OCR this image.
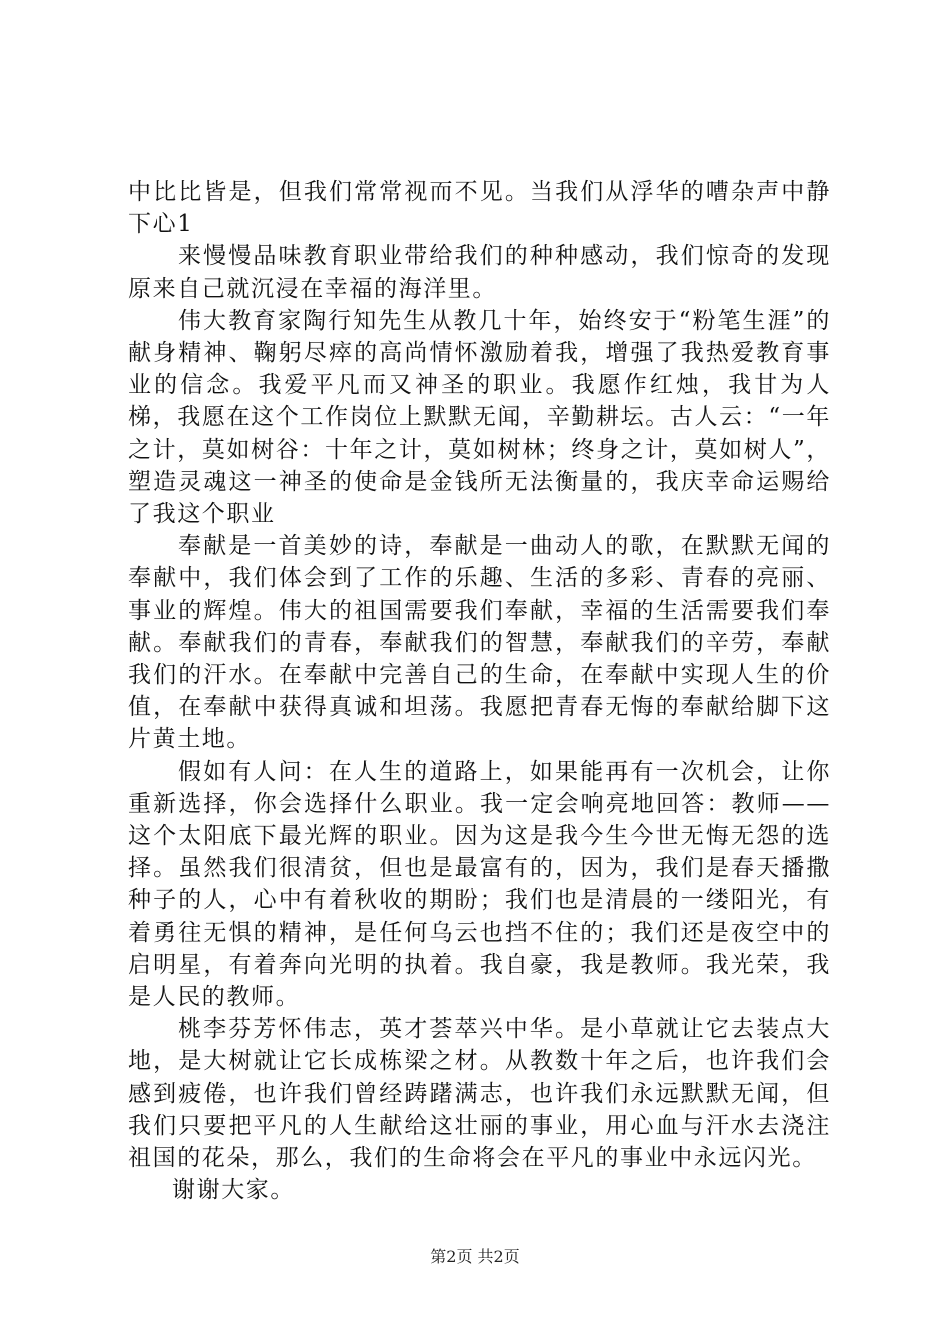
中比比皆是，但我们常常视而不见。当我们从浮华的嘈杂声中静下心1

来慢慢品味教育职业带给我们的种种感动，我们惊奇的发现原来自己就沉浸在幸福的海洋里。

伟大教育家陶行知先生从教几十年，始终安于“粉笔生涯”的献身精神、鞠躬尽瘁的高尚情怀激励着我，增强了我热爱教育事业的信念。我爱平凡而又神圣的职业。我愿作红烛，我甘为人梯，我愿在这个工作岗位上默默无闻，辛勤耕坛。古人云：“一年之计，莫如树谷：十年之计，莫如树林；终身之计，莫如树人”，塑造灵魂这一神圣的使命是金钱所无法衡量的，我庆幸命运赐给了我这个职业

奉献是一首美妙的诗，奉献是一曲动人的歌，在默默无闻的奉献中，我们体会到了工作的乐趣、生活的多彩、青春的亮丽、事业的辉煌。伟大的祖国需要我们奉献，幸福的生活需要我们奉献。奉献我们的青春，奉献我们的智慧，奉献我们的辛劳，奉献我们的汗水。在奉献中完善自己的生命，在奉献中实现人生的价值，在奉献中获得真诚和坦荡。我愿把青春无悔的奉献给脚下这片黄土地。

假如有人问：在人生的道路上，如果能再有一次机会，让你重新选择，你会选择什么职业。我一定会响亮地回答：教师——这个太阳底下最光辉的职业。因为这是我今生今世无悔无怨的选择。虽然我们很清贫，但也是最富有的，因为，我们是春天播撒种子的人，心中有着秋收的期盼；我们也是清晨的一缕阳光，有着勇往无惧的精神，是任何乌云也挡不住的；我们还是夜空中的启明星，有着奔向光明的执着。我自豪，我是教师。我光荣，我是人民的教师。

桃李芬芳怀伟志，英才荟萃兴中华。是小草就让它去装点大地，是大树就让它长成栋梁之材。从教数十年之后，也许我们会感到疲倦，也许我们曾经踌躇满志，也许我们永远默默无闻，但我们只要把平凡的人生献给这壮丽的事业，用心血与汗水去浇注祖国的花朵，那么，我们的生命将会在平凡的事业中永远闪光。

谢谢大家。

第2页 共2页
